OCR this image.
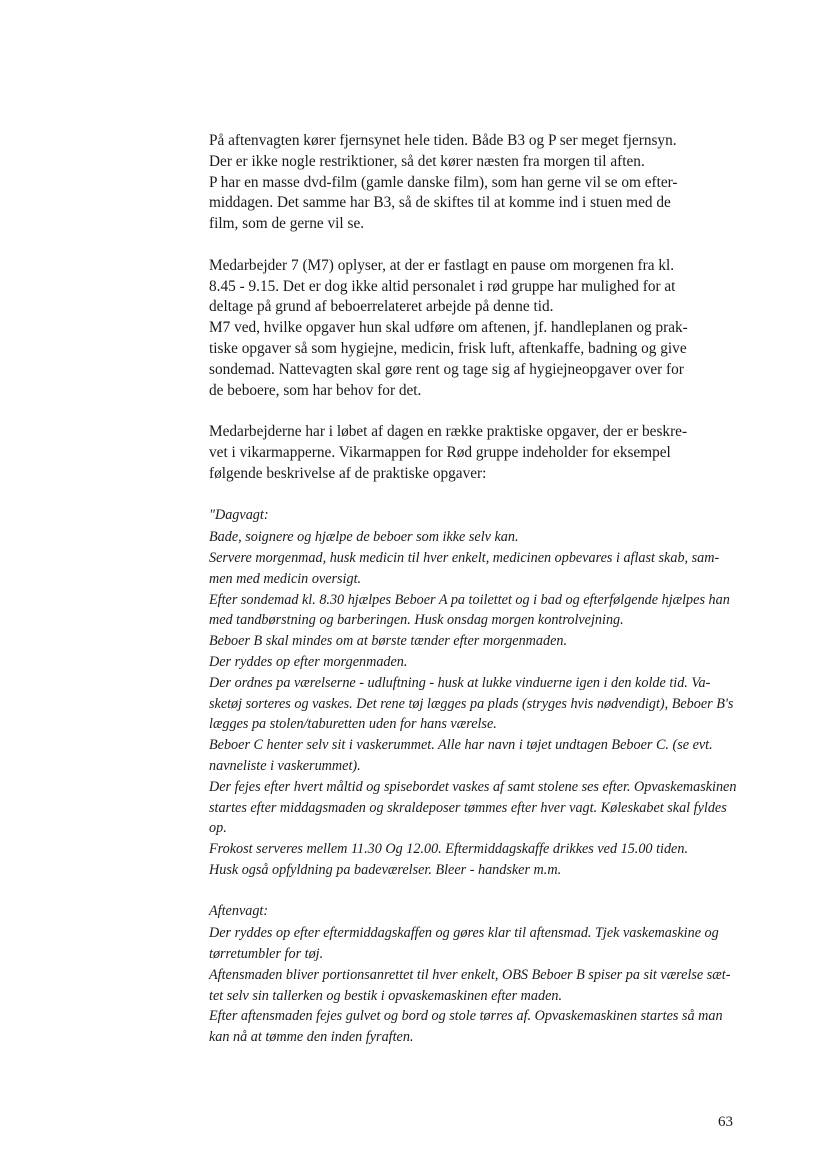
På aftenvagten kører fjernsynet hele tiden. Både B3 og P ser meget fjernsyn.
Der er ikke nogle restriktioner, så det kører næsten fra morgen til aften.
P har en masse dvd-film (gamle danske film), som han gerne vil se om efter-
middagen. Det samme har B3, så de skiftes til at komme ind i stuen med de
film, som de gerne vil se.

Medarbejder 7 (M7) oplyser, at der er fastlagt en pause om morgenen fra kl.
8.45 - 9.15. Det er dog ikke altid personalet i rød gruppe har mulighed for at
deltage på grund af beboerrelateret arbejde på denne tid.
M7 ved, hvilke opgaver hun skal udføre om aftenen, jf. handleplanen og prak-
tiske opgaver så som hygiejne, medicin, frisk luft, aftenkaffe, badning og give
sondemad. Nattevagten skal gøre rent og tage sig af hygiejneopgaver over for
de beboere, som har behov for det.

Medarbejderne har i løbet af dagen en række praktiske opgaver, der er beskre-
vet i vikarmapperne. Vikarmappen for Rød gruppe indeholder for eksempel
følgende beskrivelse af de praktiske opgaver:

"Dagvagt:
Bade, soignere og hjælpe de beboer som ikke selv kan.
Servere morgenmad, husk medicin til hver enkelt, medicinen opbevares i aflast skab, sam-
men med medicin oversigt.
Efter sondemad kl. 8.30 hjælpes Beboer A pa toilettet og i bad og efterfølgende hjælpes han
med tandbørstning og barberingen. Husk onsdag morgen kontrolvejning.
Beboer B skal mindes om at børste tænder efter morgenmaden.
Der ryddes op efter morgenmaden.
Der ordnes pa værelserne - udluftning - husk at lukke vinduerne igen i den kolde tid. Va-
sketøj sorteres og vaskes. Det rene tøj lægges pa plads (stryges hvis nødvendigt), Beboer B's
lægges pa stolen/taburetten uden for hans værelse.
Beboer C henter selv sit i vaskerummet. Alle har navn i tøjet undtagen Beboer C. (se evt.
navneliste i vaskerummet).
Der fejes efter hvert måltid og spisebordet vaskes af samt stolene ses efter. Opvaskemaskinen
startes efter middagsmaden og skraldeposer tømmes efter hver vagt. Køleskabet skal fyldes
op.
Frokost serveres mellem 11.30 Og 12.00. Eftermiddagskaffe drikkes ved 15.00 tiden.
Husk også opfyldning pa badeværelser. Bleer - handsker m.m.
Aftenvagt:
Der ryddes op efter eftermiddagskaffen og gøres klar til aftensmad. Tjek vaskemaskine og
tørretumbler for tøj.
Aftensmaden bliver portionsanrettet til hver enkelt, OBS Beboer B spiser pa sit værelse sæt-
tet selv sin tallerken og bestik i opvaskemaskinen efter maden.
Efter aftensmaden fejes gulvet og bord og stole tørres af. Opvaskemaskinen startes så man
kan nå at tømme den inden fyraften.
63
